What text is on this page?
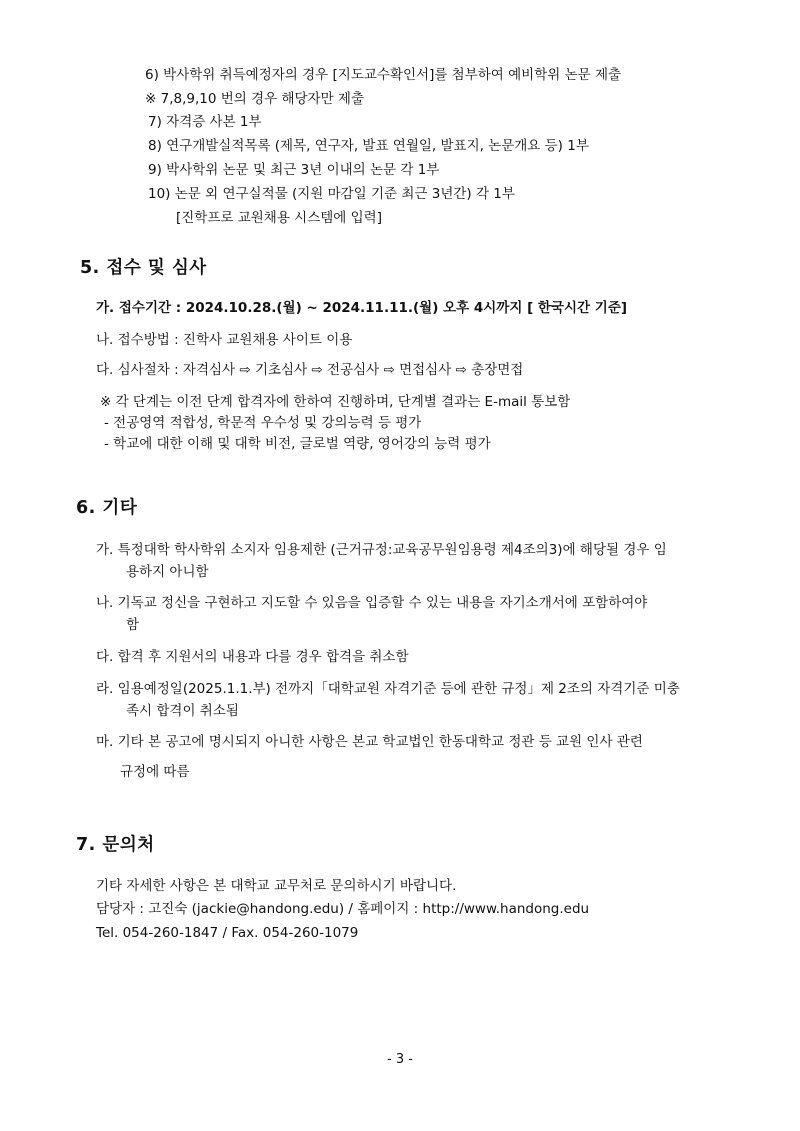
6) 박사학위 취득예정자의 경우 [지도교수확인서]를 첨부하여 예비학위 논문 제출
※ 7,8,9,10 번의 경우 해당자만 제출
7) 자격증 사본 1부
8) 연구개발실적목록 (제목, 연구자, 발표 연월일, 발표지, 논문개요 등) 1부
9) 박사학위 논문 및 최근 3년 이내의 논문 각 1부
10) 논문 외 연구실적물 (지원 마감일 기준 최근 3년간) 각 1부
[진학프로 교원채용 시스템에 입력]
5. 접수 및 심사
가. 접수기간 : 2024.10.28.(월) ~ 2024.11.11.(월) 오후 4시까지 [ 한국시간 기준]
나. 접수방법 : 진학사 교원채용 사이트 이용
다. 심사절차 : 자격심사 ⇨ 기초심사 ⇨ 전공심사 ⇨ 면접심사 ⇨ 총장면접
※ 각 단계는 이전 단계 합격자에 한하여 진행하며, 단계별 결과는 E-mail 통보함
- 전공영역 적합성, 학문적 우수성 및 강의능력 등 평가
- 학교에 대한 이해 및 대학 비전, 글로벌 역량, 영어강의 능력 평가
6. 기타
가. 특정대학 학사학위 소지자 임용제한 (근거규정:교육공무원임용령 제4조의3)에 해당될 경우 임
용하지 아니함
나. 기독교 정신을 구현하고 지도할 수 있음을 입증할 수 있는 내용을 자기소개서에 포함하여야
함
다. 합격 후 지원서의 내용과 다를 경우 합격을 취소함
라. 임용예정일(2025.1.1.부) 전까지「대학교원 자격기준 등에 관한 규정」제 2조의 자격기준 미충
족시 합격이 취소됨
마. 기타 본 공고에 명시되지 아니한 사항은 본교 학교법인 한동대학교 정관 등 교원 인사 관련
규정에 따름
7. 문의처
기타 자세한 사항은 본 대학교 교무처로 문의하시기 바랍니다.
담당자 : 고진숙 (jackie@handong.edu) / 홈페이지 : http://www.handong.edu
Tel. 054-260-1847 / Fax. 054-260-1079
- 3 -
